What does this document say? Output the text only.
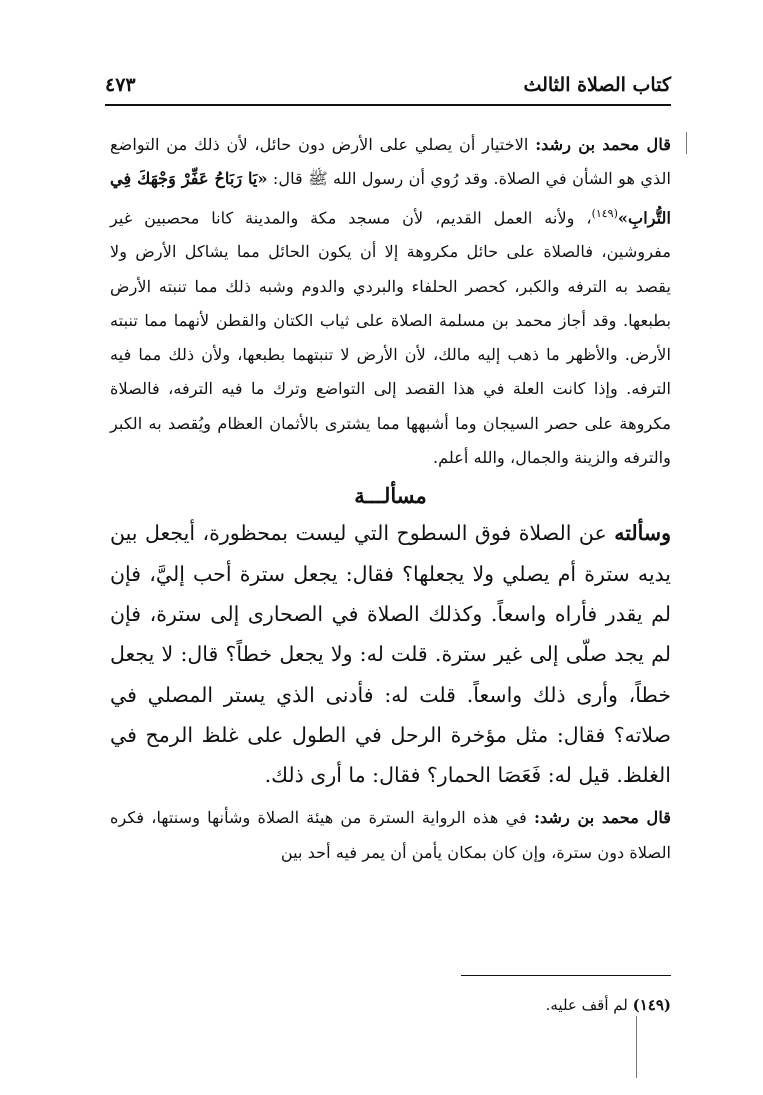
كتاب الصلاة الثالث
٤٧٣

قال محمد بن رشد: الاختيار أن يصلي على الأرض دون حائل، لأن ذلك من التواضع الذي هو الشأن في الصلاة. وقد رُوي أن رسول الله ﷺ قال: «يَا رَبَاحُ عَفِّرْ وَجْهَكَ فِي التُّرابِ»$^{(١٤٩)}$، ولأنه العمل القديم، لأن مسجد مكة والمدينة كانا محصبين غير مفروشين، فالصلاة على حائل مكروهة إلا أن يكون الحائل مما يشاكل الأرض ولا يقصد به الترفه والكبر، كحصر الحلفاء والبردي والدوم وشبه ذلك مما تنبته الأرض بطبعها. وقد أجاز محمد بن مسلمة الصلاة على ثياب الكتان والقطن لأنهما مما تنبته الأرض. والأظهر ما ذهب إليه مالك، لأن الأرض لا تنبتهما بطبعها، ولأن ذلك مما فيه الترفه. وإذا كانت العلة في هذا القصد إلى التواضع وترك ما فيه الترفه، فالصلاة مكروهة على حصر السيجان وما أشبهها مما يشترى بالأثمان العظام ويُقصد به الكبر والترفه والزينة والجمال، والله أعلم.

مسألـــة

وسألته عن الصلاة فوق السطوح التي ليست بمحظورة، أيجعل بين يديه سترة أم يصلي ولا يجعلها؟ فقال: يجعل سترة أحب إليَّ، فإن لم يقدر فأراه واسعاً. وكذلك الصلاة في الصحارى إلى سترة، فإن لم يجد صلّى إلى غير سترة. قلت له: ولا يجعل خطاً؟ قال: لا يجعل خطاً، وأرى ذلك واسعاً. قلت له: فأدنى الذي يستر المصلي في صلاته؟ فقال: مثل مؤخرة الرحل في الطول على غلظ الرمح في الغلظ. قيل له: فَعَصَا الحمار؟ فقال: ما أرى ذلك.

قال محمد بن رشد: في هذه الرواية السترة من هيئة الصلاة وشأنها وسنتها، فكره الصلاة دون سترة، وإن كان بمكان يأمن أن يمر فيه أحد بين

(١٤٩) لم أقف عليه.
